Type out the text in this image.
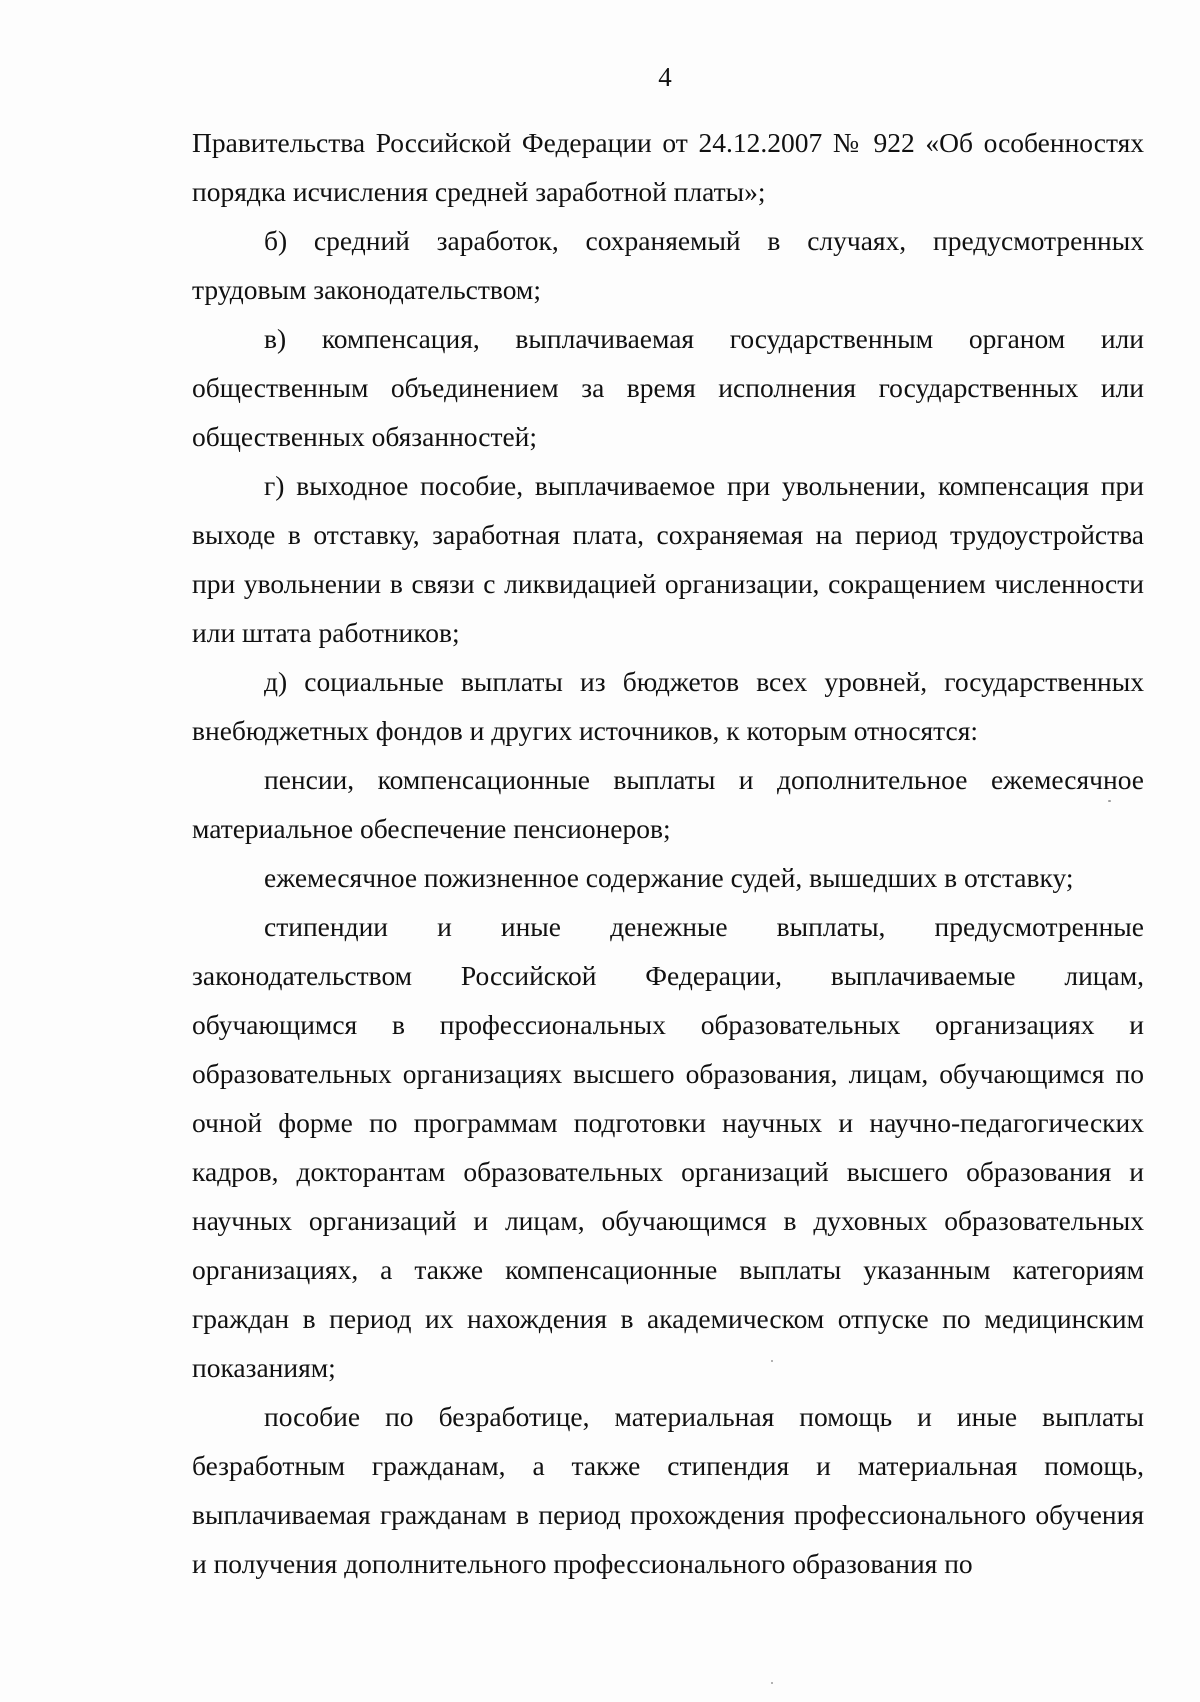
4

Правительства Российской Федерации от 24.12.2007 № 922 «Об особенностях порядка исчисления средней заработной платы»;

б) средний заработок, сохраняемый в случаях, предусмотренных трудовым законодательством;

в) компенсация, выплачиваемая государственным органом или общественным объединением за время исполнения государственных или общественных обязанностей;

г) выходное пособие, выплачиваемое при увольнении, компенсация при выходе в отставку, заработная плата, сохраняемая на период трудоустройства при увольнении в связи с ликвидацией организации, сокращением численности или штата работников;

д) социальные выплаты из бюджетов всех уровней, государственных внебюджетных фондов и других источников, к которым относятся:

пенсии, компенсационные выплаты и дополнительное ежемесячное материальное обеспечение пенсионеров;

ежемесячное пожизненное содержание судей, вышедших в отставку;

стипендии и иные денежные выплаты, предусмотренные законодательством Российской Федерации, выплачиваемые лицам, обучающимся в профессиональных образовательных организациях и образовательных организациях высшего образования, лицам, обучающимся по очной форме по программам подготовки научных и научно-педагогических кадров, докторантам образовательных организаций высшего образования и научных организаций и лицам, обучающимся в духовных образовательных организациях, а также компенсационные выплаты указанным категориям граждан в период их нахождения в академическом отпуске по медицинским показаниям;

пособие по безработице, материальная помощь и иные выплаты безработным гражданам, а также стипендия и материальная помощь, выплачиваемая гражданам в период прохождения профессионального обучения и получения дополнительного профессионального образования по
